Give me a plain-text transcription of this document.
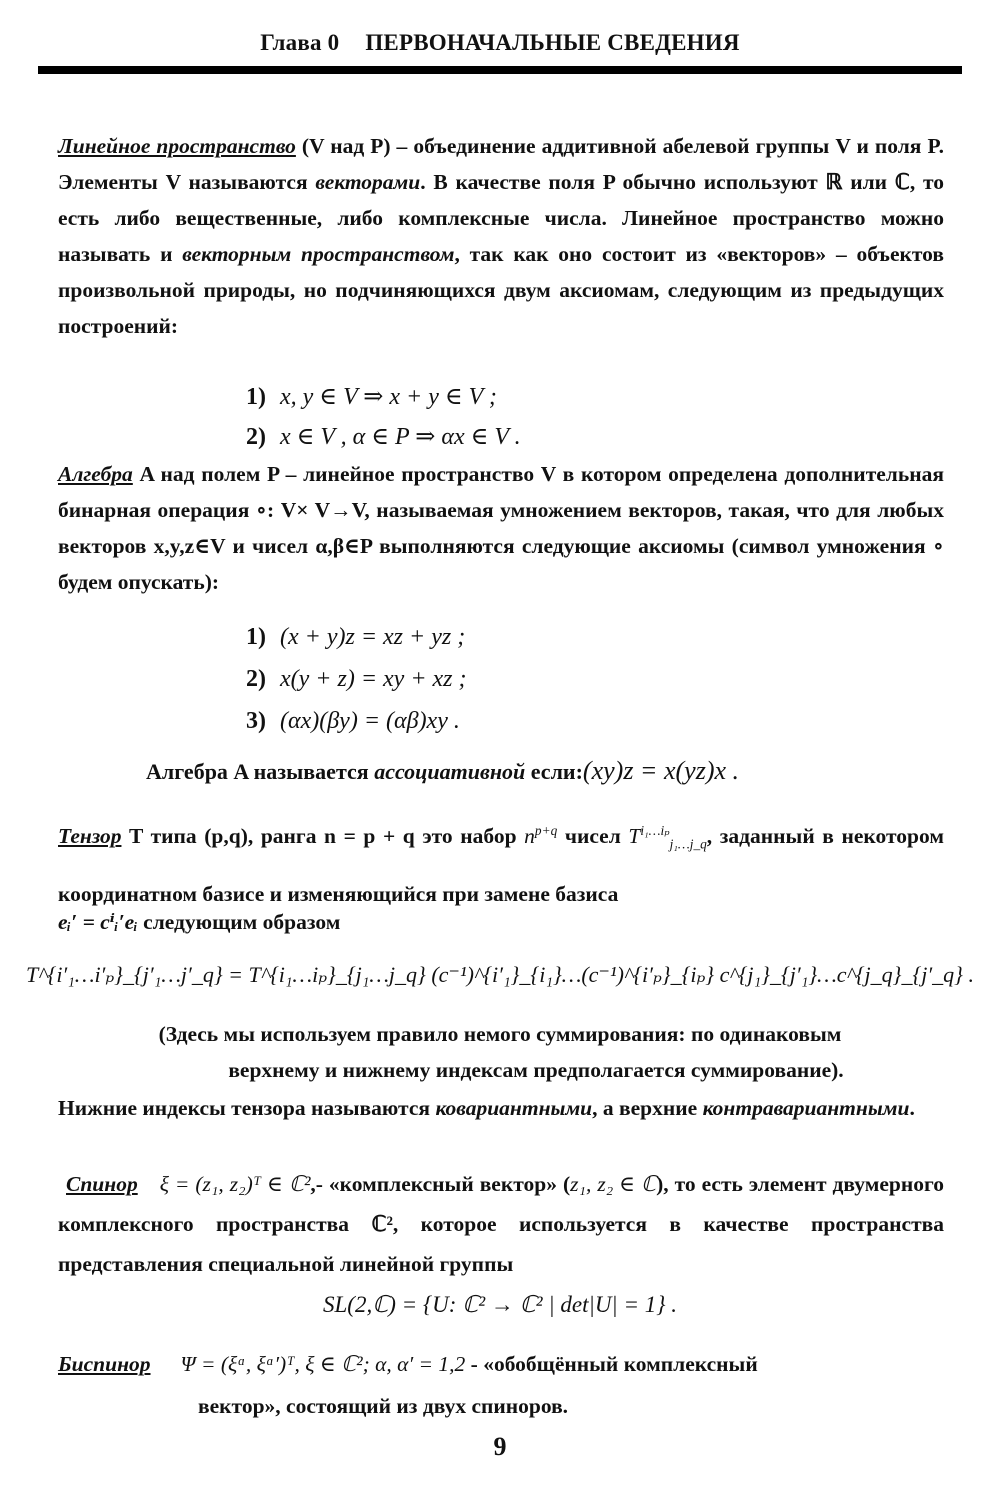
Глава 0 ПЕРВОНАЧАЛЬНЫЕ СВЕДЕНИЯ
Линейное пространство (V над P) – объединение аддитивной абелевой группы V и поля P. Элементы V называются векторами. В качестве поля P обычно используют ℝ или ℂ, то есть либо вещественные, либо комплексные числа. Линейное пространство можно называть и векторным пространством, так как оно состоит из «векторов» – объектов произвольной природы, но подчиняющихся двум аксиомам, следующим из предыдущих построений:
1) x, y ∈ V ⇒ x + y ∈ V ;
2) x ∈ V , α ∈ P ⇒ αx ∈ V .
Алгебра A над полем P – линейное пространство V в котором определена дополнительная бинарная операция ∘: V× V→V, называемая умножением векторов, такая, что для любых векторов x,y,z∈V и чисел α,β∈P выполняются следующие аксиомы (символ умножения ∘ будем опускать):
1) (x + y)z = xz + yz ;
2) x(y + z) = xy + xz ;
3) (αx)(βy) = (αβ)xy .
Алгебра A называется ассоциативной если:(xy)z = x(yz)x .
Тензор T типа (p,q), ранга n = p + q это набор $n^{p+q}$ чисел $T^{i_1\dots i_p}_{j_1\dots j\_q}$, заданный в некотором координатном базисе и изменяющийся при замене базиса
eᵢ′ = cⁱᵢ′eᵢ следующим образом
T^{i′₁…i′ₚ}_{j′₁…j′_q} = T^{i₁…iₚ}_{j₁…j_q} (c⁻¹)^{i′₁}_{i₁}…(c⁻¹)^{i′ₚ}_{iₚ} c^{j₁}_{j′₁}…c^{j_q}_{j′_q} .
(Здесь мы используем правило немого суммирования: по одинаковым
верхнему и нижнему индексам предполагается суммирование).
Нижние индексы тензора называются ковариантными, а верхние контравариантными.
Спинор ξ = (z₁, z₂)ᵀ ∈ ℂ²,- «комплексный вектор» (z₁, z₂ ∈ ℂ), то есть элемент двумерного комплексного пространства ℂ², которое используется в качестве пространства представления специальной линейной группы
SL(2,ℂ) = {U: ℂ² → ℂ² | det|U| = 1} .
Биспинор Ψ = (ξᵅ, ξᵅ′)ᵀ, ξ ∈ ℂ²; α, α′ = 1,2 - «обобщённый комплексный
вектор», состоящий из двух спиноров.
9
